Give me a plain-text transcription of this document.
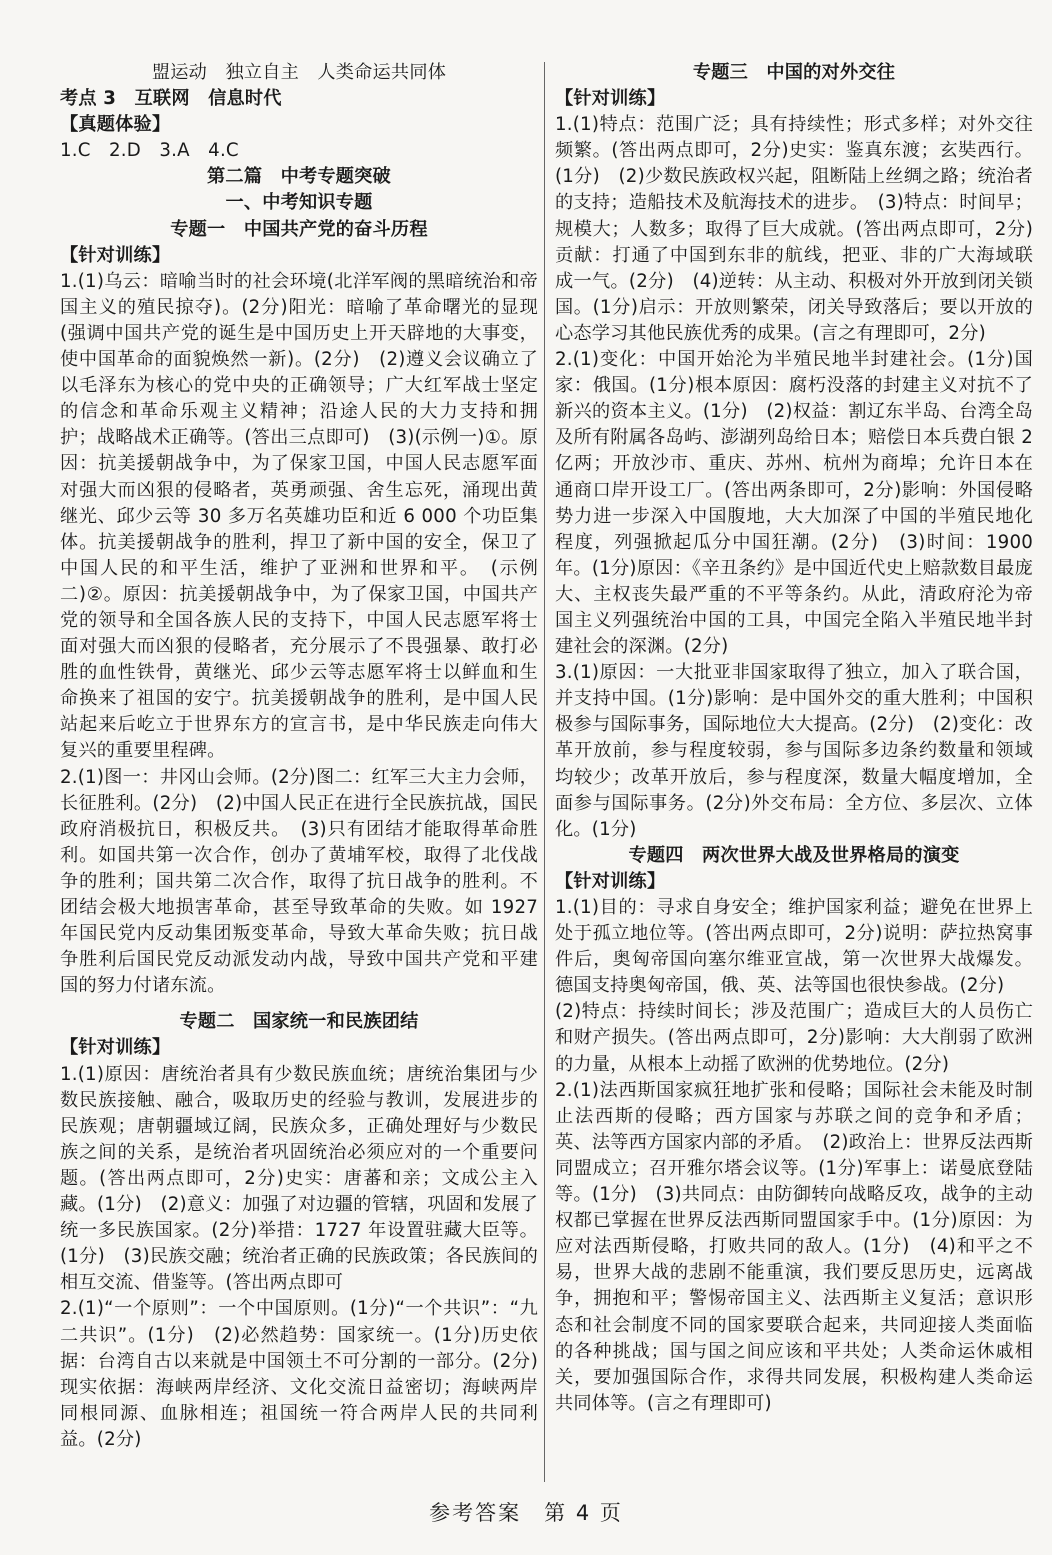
盟运动　独立自主　人类命运共同体

考点 3　互联网　信息时代

【真题体验】

1.C　2.D　3.A　4.C

第二篇　中考专题突破

一、中考知识专题

专题一　中国共产党的奋斗历程

【针对训练】

1.(1)乌云：暗喻当时的社会环境(北洋军阀的黑暗统治和帝国主义的殖民掠夺)。(2分)阳光：暗喻了革命曙光的显现(强调中国共产党的诞生是中国历史上开天辟地的大事变，使中国革命的面貌焕然一新)。(2分)　(2)遵义会议确立了以毛泽东为核心的党中央的正确领导；广大红军战士坚定的信念和革命乐观主义精神；沿途人民的大力支持和拥护；战略战术正确等。(答出三点即可)　(3)(示例一)①。原因：抗美援朝战争中，为了保家卫国，中国人民志愿军面对强大而凶狠的侵略者，英勇顽强、舍生忘死，涌现出黄继光、邱少云等 30 多万名英雄功臣和近 6 000 个功臣集体。抗美援朝战争的胜利，捍卫了新中国的安全，保卫了中国人民的和平生活，维护了亚洲和世界和平。　(示例二)②。原因：抗美援朝战争中，为了保家卫国，中国共产党的领导和全国各族人民的支持下，中国人民志愿军将士面对强大而凶狠的侵略者，充分展示了不畏强暴、敢打必胜的血性铁骨，黄继光、邱少云等志愿军将士以鲜血和生命换来了祖国的安宁。抗美援朝战争的胜利，是中国人民站起来后屹立于世界东方的宣言书，是中华民族走向伟大复兴的重要里程碑。

2.(1)图一：井冈山会师。(2分)图二：红军三大主力会师，长征胜利。(2分)　(2)中国人民正在进行全民族抗战，国民政府消极抗日，积极反共。　(3)只有团结才能取得革命胜利。如国共第一次合作，创办了黄埔军校，取得了北伐战争的胜利；国共第二次合作，取得了抗日战争的胜利。不团结会极大地损害革命，甚至导致革命的失败。如 1927 年国民党内反动集团叛变革命，导致大革命失败；抗日战争胜利后国民党反动派发动内战，导致中国共产党和平建国的努力付诸东流。

专题二　国家统一和民族团结

【针对训练】

1.(1)原因：唐统治者具有少数民族血统；唐统治集团与少数民族接触、融合，吸取历史的经验与教训，发展进步的民族观；唐朝疆域辽阔，民族众多，正确处理好与少数民族之间的关系，是统治者巩固统治必须应对的一个重要问题。(答出两点即可，2分)史实：唐蕃和亲；文成公主入藏。(1分)　(2)意义：加强了对边疆的管辖，巩固和发展了统一多民族国家。(2分)举措：1727 年设置驻藏大臣等。(1分)　(3)民族交融；统治者正确的民族政策；各民族间的相互交流、借鉴等。(答出两点即可

2.(1)“一个原则”：一个中国原则。(1分)“一个共识”：“九二共识”。(1分)　(2)必然趋势：国家统一。(1分)历史依据：台湾自古以来就是中国领土不可分割的一部分。(2分)现实依据：海峡两岸经济、文化交流日益密切；海峡两岸同根同源、血脉相连；祖国统一符合两岸人民的共同利益。(2分)

专题三　中国的对外交往

【针对训练】

1.(1)特点：范围广泛；具有持续性；形式多样；对外交往频繁。(答出两点即可，2分)史实：鉴真东渡；玄奘西行。(1分)　(2)少数民族政权兴起，阻断陆上丝绸之路；统治者的支持；造船技术及航海技术的进步。　(3)特点：时间早；规模大；人数多；取得了巨大成就。(答出两点即可，2分)贡献：打通了中国到东非的航线，把亚、非的广大海域联成一气。(2分)　(4)逆转：从主动、积极对外开放到闭关锁国。(1分)启示：开放则繁荣，闭关导致落后；要以开放的心态学习其他民族优秀的成果。(言之有理即可，2分)

2.(1)变化：中国开始沦为半殖民地半封建社会。(1分)国家：俄国。(1分)根本原因：腐朽没落的封建主义对抗不了新兴的资本主义。(1分)　(2)权益：割辽东半岛、台湾全岛及所有附属各岛屿、澎湖列岛给日本；赔偿日本兵费白银 2 亿两；开放沙市、重庆、苏州、杭州为商埠；允许日本在通商口岸开设工厂。(答出两条即可，2分)影响：外国侵略势力进一步深入中国腹地，大大加深了中国的半殖民地化程度，列强掀起瓜分中国狂潮。(2分)　(3)时间：1900 年。(1分)原因：《辛丑条约》是中国近代史上赔款数目最庞大、主权丧失最严重的不平等条约。从此，清政府沦为帝国主义列强统治中国的工具，中国完全陷入半殖民地半封建社会的深渊。(2分)

3.(1)原因：一大批亚非国家取得了独立，加入了联合国，并支持中国。(1分)影响：是中国外交的重大胜利；中国积极参与国际事务，国际地位大大提高。(2分)　(2)变化：改革开放前，参与程度较弱，参与国际多边条约数量和领域均较少；改革开放后，参与程度深，数量大幅度增加，全面参与国际事务。(2分)外交布局：全方位、多层次、立体化。(1分)

专题四　两次世界大战及世界格局的演变

【针对训练】

1.(1)目的：寻求自身安全；维护国家利益；避免在世界上处于孤立地位等。(答出两点即可，2分)说明：萨拉热窝事件后，奥匈帝国向塞尔维亚宣战，第一次世界大战爆发。德国支持奥匈帝国，俄、英、法等国也很快参战。(2分)

(2)特点：持续时间长；涉及范围广；造成巨大的人员伤亡和财产损失。(答出两点即可，2分)影响：大大削弱了欧洲的力量，从根本上动摇了欧洲的优势地位。(2分)

2.(1)法西斯国家疯狂地扩张和侵略；国际社会未能及时制止法西斯的侵略；西方国家与苏联之间的竞争和矛盾；英、法等西方国家内部的矛盾。　(2)政治上：世界反法西斯同盟成立；召开雅尔塔会议等。(1分)军事上：诺曼底登陆等。(1分)　(3)共同点：由防御转向战略反攻，战争的主动权都已掌握在世界反法西斯同盟国家手中。(1分)原因：为应对法西斯侵略，打败共同的敌人。(1分)　(4)和平之不易，世界大战的悲剧不能重演，我们要反思历史，远离战争，拥抱和平；警惕帝国主义、法西斯主义复活；意识形态和社会制度不同的国家要联合起来，共同迎接人类面临的各种挑战；国与国之间应该和平共处；人类命运休戚相关，要加强国际合作，求得共同发展，积极构建人类命运共同体等。(言之有理即可)

参考答案　第 4 页
